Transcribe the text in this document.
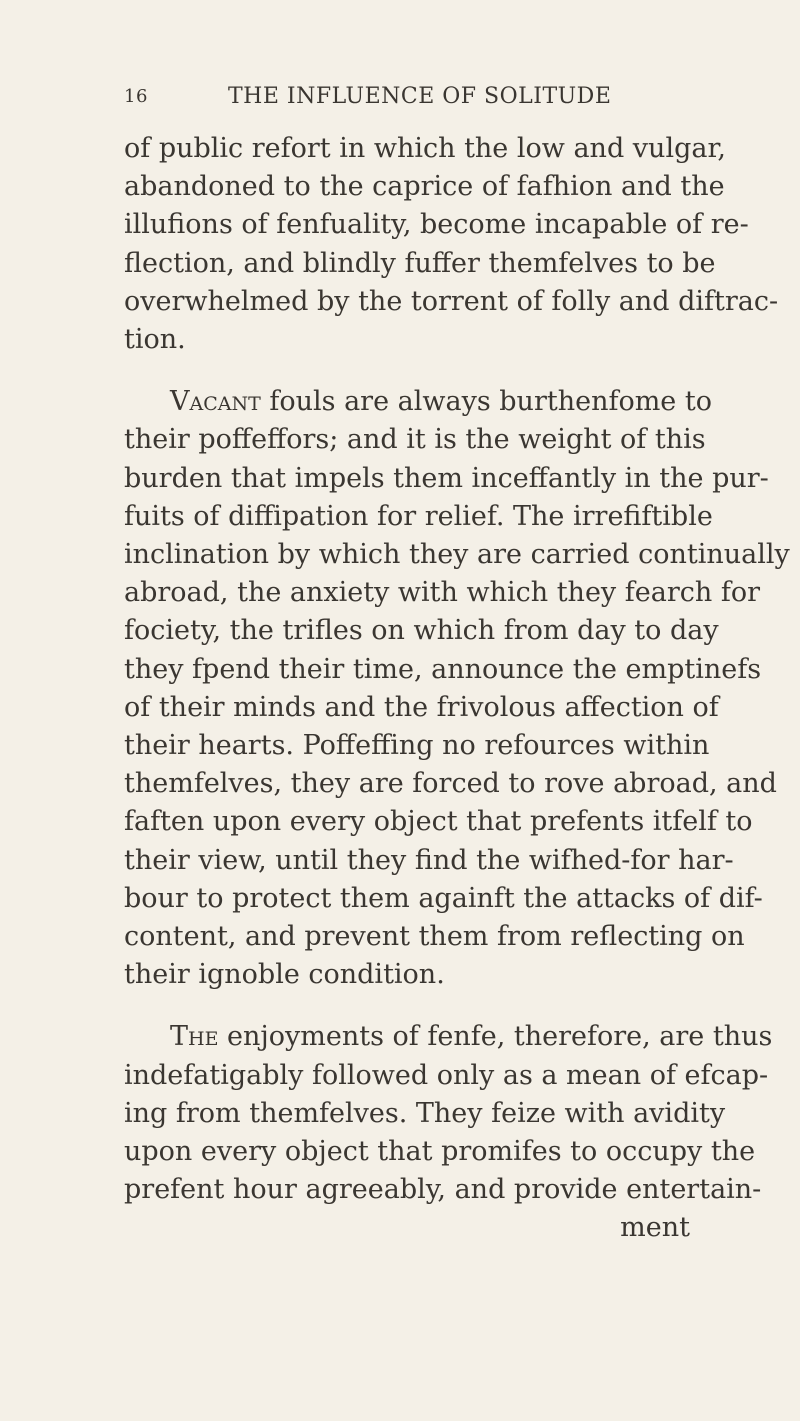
16	THE INFLUENCE OF SOLITUDE

of public refort in which the low and vulgar,
abandoned to the caprice of fafhion and the
illufions of fenfuality, become incapable of re-
flection, and blindly fuffer themfelves to be
overwhelmed by the torrent of folly and diftrac-
tion.

Vacant fouls are always burthenfome to
their poffeffors; and it is the weight of this
burden that impels them inceffantly in the pur-
fuits of diffipation for relief. The irrefiftible
inclination by which they are carried continually
abroad, the anxiety with which they fearch for
fociety, the trifles on which from day to day
they fpend their time, announce the emptinefs
of their minds and the frivolous affection of
their hearts. Poffeffing no refources within
themfelves, they are forced to rove abroad, and
faften upon every object that prefents itfelf to
their view, until they find the wifhed-for har-
bour to protect them againft the attacks of dif-
content, and prevent them from reflecting on
their ignoble condition.

The enjoyments of fenfe, therefore, are thus
indefatigably followed only as a mean of efcap-
ing from themfelves. They feize with avidity
upon every object that promifes to occupy the
prefent hour agreeably, and provide entertain-
ment
